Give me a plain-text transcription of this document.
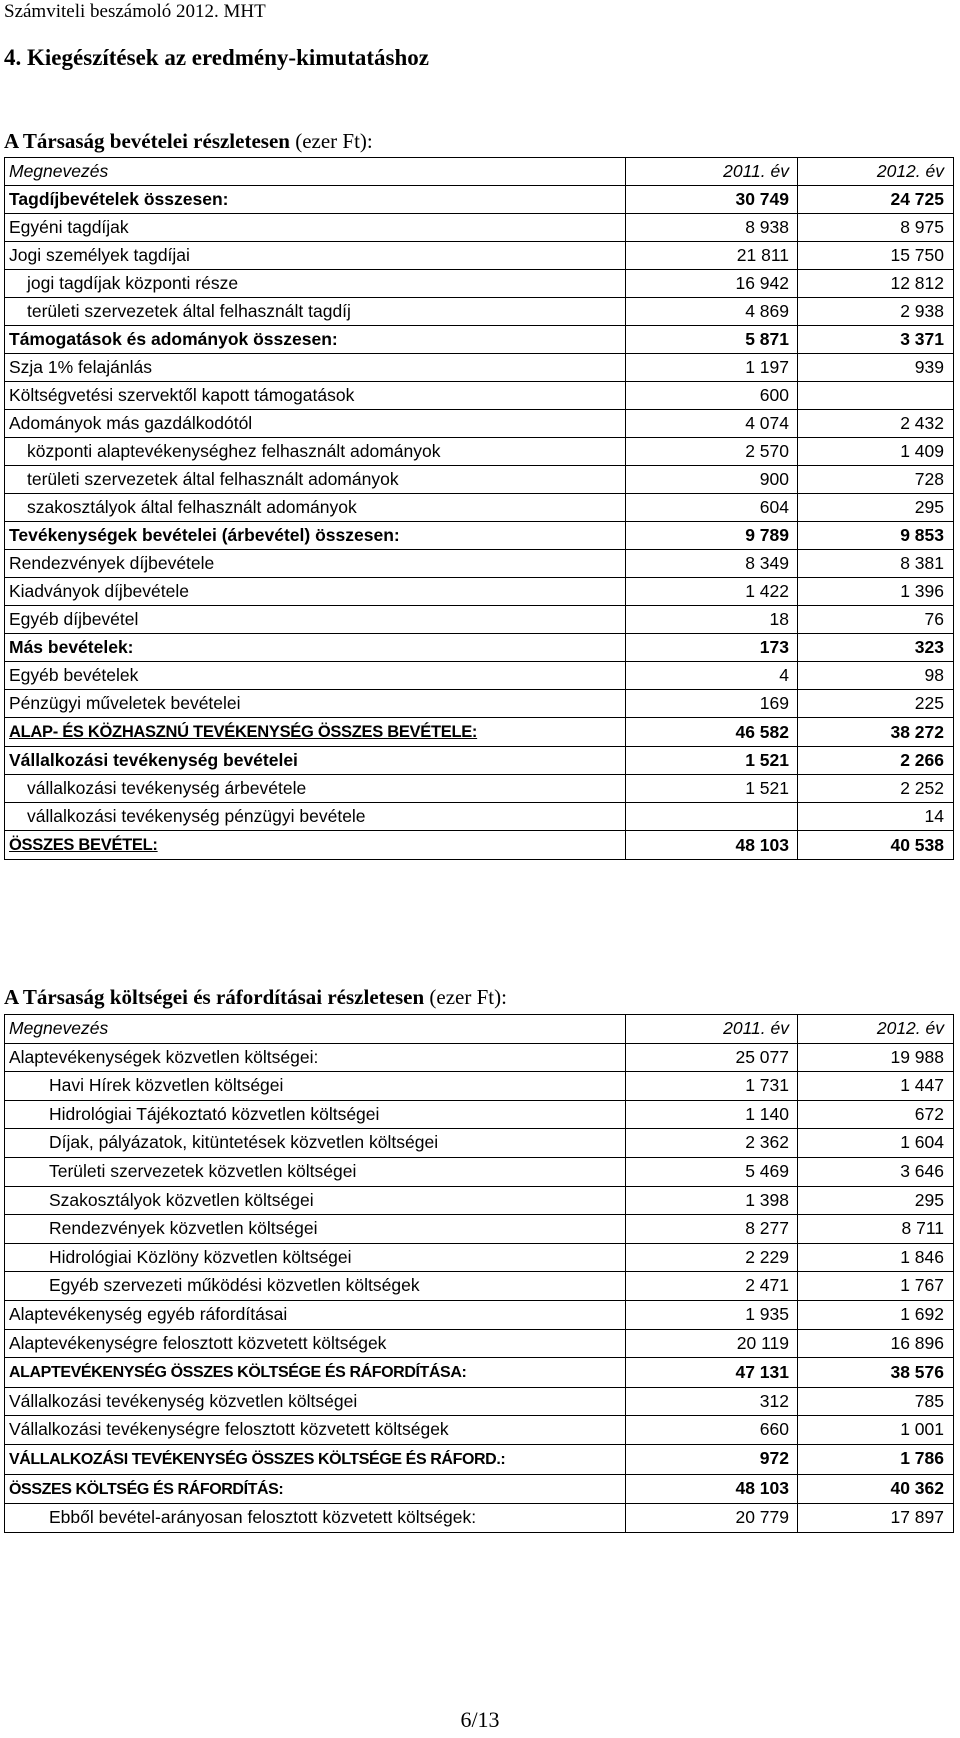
Számviteli beszámoló 2012. MHT
4. Kiegészítések az eredmény-kimutatáshoz
A Társaság bevételei részletesen (ezer Ft):
Megnevezés	2011. év	2012. év
Tagdíjbevételek összesen:	30 749	24 725
Egyéni tagdíjak	8 938	8 975
Jogi személyek tagdíjai	21 811	15 750
jogi tagdíjak központi része	16 942	12 812
területi szervezetek által felhasznált tagdíj	4 869	2 938
Támogatások és adományok összesen:	5 871	3 371
Szja 1% felajánlás	1 197	939
Költségvetési szervektől kapott támogatások	600	
Adományok más gazdálkodótól	4 074	2 432
központi alaptevékenységhez felhasznált adományok	2 570	1 409
területi szervezetek által felhasznált adományok	900	728
szakosztályok által felhasznált adományok	604	295
Tevékenységek bevételei (árbevétel) összesen:	9 789	9 853
Rendezvények díjbevétele	8 349	8 381
Kiadványok díjbevétele	1 422	1 396
Egyéb díjbevétel	18	76
Más bevételek:	173	323
Egyéb bevételek	4	98
Pénzügyi műveletek bevételei	169	225
ALAP- ÉS KÖZHASZNÚ TEVÉKENYSÉG ÖSSZES BEVÉTELE:	46 582	38 272
Vállalkozási tevékenység bevételei	1 521	2 266
vállalkozási tevékenység árbevétele	1 521	2 252
vállalkozási tevékenység pénzügyi bevétele		14
ÖSSZES BEVÉTEL:	48 103	40 538
A Társaság költségei és ráfordításai részletesen (ezer Ft):
Megnevezés	2011. év	2012. év
Alaptevékenységek közvetlen költségei:	25 077	19 988
Havi Hírek közvetlen költségei	1 731	1 447
Hidrológiai Tájékoztató közvetlen költségei	1 140	672
Díjak, pályázatok, kitüntetések közvetlen költségei	2 362	1 604
Területi szervezetek közvetlen költségei	5 469	3 646
Szakosztályok közvetlen költségei	1 398	295
Rendezvények közvetlen költségei	8 277	8 711
Hidrológiai Közlöny közvetlen költségei	2 229	1 846
Egyéb szervezeti működési közvetlen költségek	2 471	1 767
Alaptevékenység egyéb ráfordításai	1 935	1 692
Alaptevékenységre felosztott közvetett költségek	20 119	16 896
ALAPTEVÉKENYSÉG ÖSSZES KÖLTSÉGE ÉS RÁFORDÍTÁSA:	47 131	38 576
Vállalkozási tevékenység közvetlen költségei	312	785
Vállalkozási tevékenységre felosztott közvetett költségek	660	1 001
VÁLLALKOZÁSI TEVÉKENYSÉG ÖSSZES KÖLTSÉGE ÉS RÁFORD.:	972	1 786
ÖSSZES KÖLTSÉG ÉS RÁFORDÍTÁS:	48 103	40 362
Ebből bevétel-arányosan felosztott közvetett költségek:	20 779	17 897
6/13
